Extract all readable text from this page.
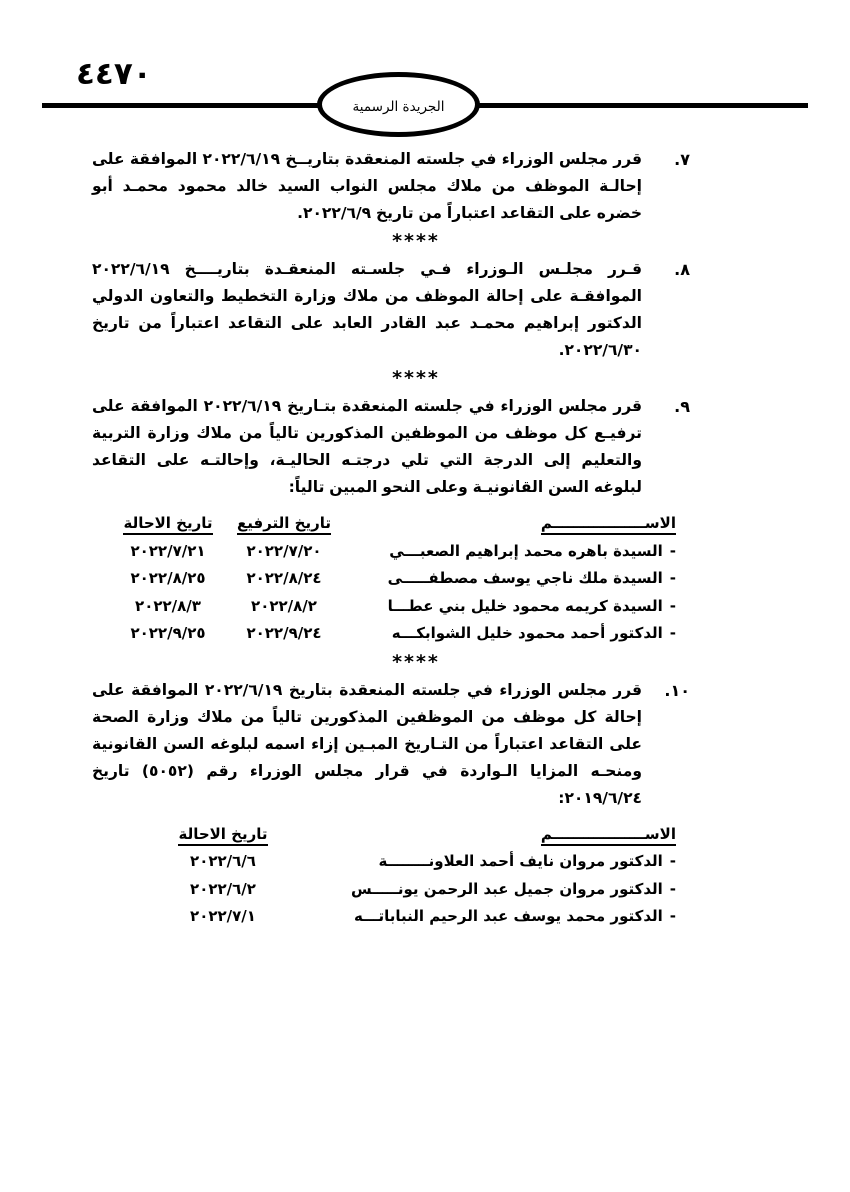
٤٤٧٠
الجريدة الرسمية
٧.
قرر مجلس الوزراء في جلسته المنعقدة بتاريــخ ٢٠٢٢/٦/١٩ الموافقة على إحالـة الموظف من ملاك مجلس النواب السيد خالد محمود محمـد أبو خضره على التقاعد اعتباراً من تاريخ ٢٠٢٢/٦/٩.
****
٨.
قـرر مجلـس الـوزراء فـي جلسـته المنعقـدة بتاريــــخ ٢٠٢٢/٦/١٩ الموافقـة على إحالة الموظف من ملاك وزارة التخطيط والتعاون الدولي الدكتور إبراهيم محمـد عبد القادر العابد على التقاعد اعتباراً من تاريخ ٢٠٢٢/٦/٣٠.
****
٩.
قرر مجلس الوزراء في جلسته المنعقدة بتـاريخ ٢٠٢٢/٦/١٩ الموافقة على ترفيـع كل موظف من الموظفين المذكورين تالياً من ملاك وزارة التربية والتعليم إلى الدرجة التي تلي درجتـه الحاليـة، وإحالتـه على التقاعد لبلوغه السن القانونيـة وعلى النحو المبين تالياً:
الاســــــــــــــــــم
تاريخ الترفيع
تاريخ الاحالة
-السيدة باهره محمد إبراهيم الصعبـــي
٢٠٢٢/٧/٢٠
٢٠٢٢/٧/٢١
-السيدة ملك ناجي يوسف مصطفـــــى
٢٠٢٢/٨/٢٤
٢٠٢٢/٨/٢٥
-السيدة كريمه محمود خليل بني عطـــا
٢٠٢٢/٨/٢
٢٠٢٢/٨/٣
-الدكتور أحمد محمود خليل الشوابكـــه
٢٠٢٢/٩/٢٤
٢٠٢٢/٩/٢٥
****
١٠.
قرر مجلس الوزراء في جلسته المنعقدة بتاريخ ٢٠٢٢/٦/١٩ الموافقة على إحالة كل موظف من الموظفين المذكورين تالياً من ملاك وزارة الصحة على التقاعد اعتباراً من التـاريخ المبـين إزاء اسمه لبلوغه السن القانونية ومنحـه المزايا الـواردة في قرار مجلس الوزراء رقم (٥٠٥٢) تاريخ ٢٠١٩/٦/٢٤:
الاســــــــــــــــــم
تاريخ الاحالة
-الدكتور مروان نايف أحمد العلاونــــــــة
٢٠٢٢/٦/٦
-الدكتور مروان جميل عبد الرحمن يونـــــس
٢٠٢٢/٦/٢
-الدكتور محمد يوسف عبد الرحيم النباباتـــه
٢٠٢٢/٧/١
